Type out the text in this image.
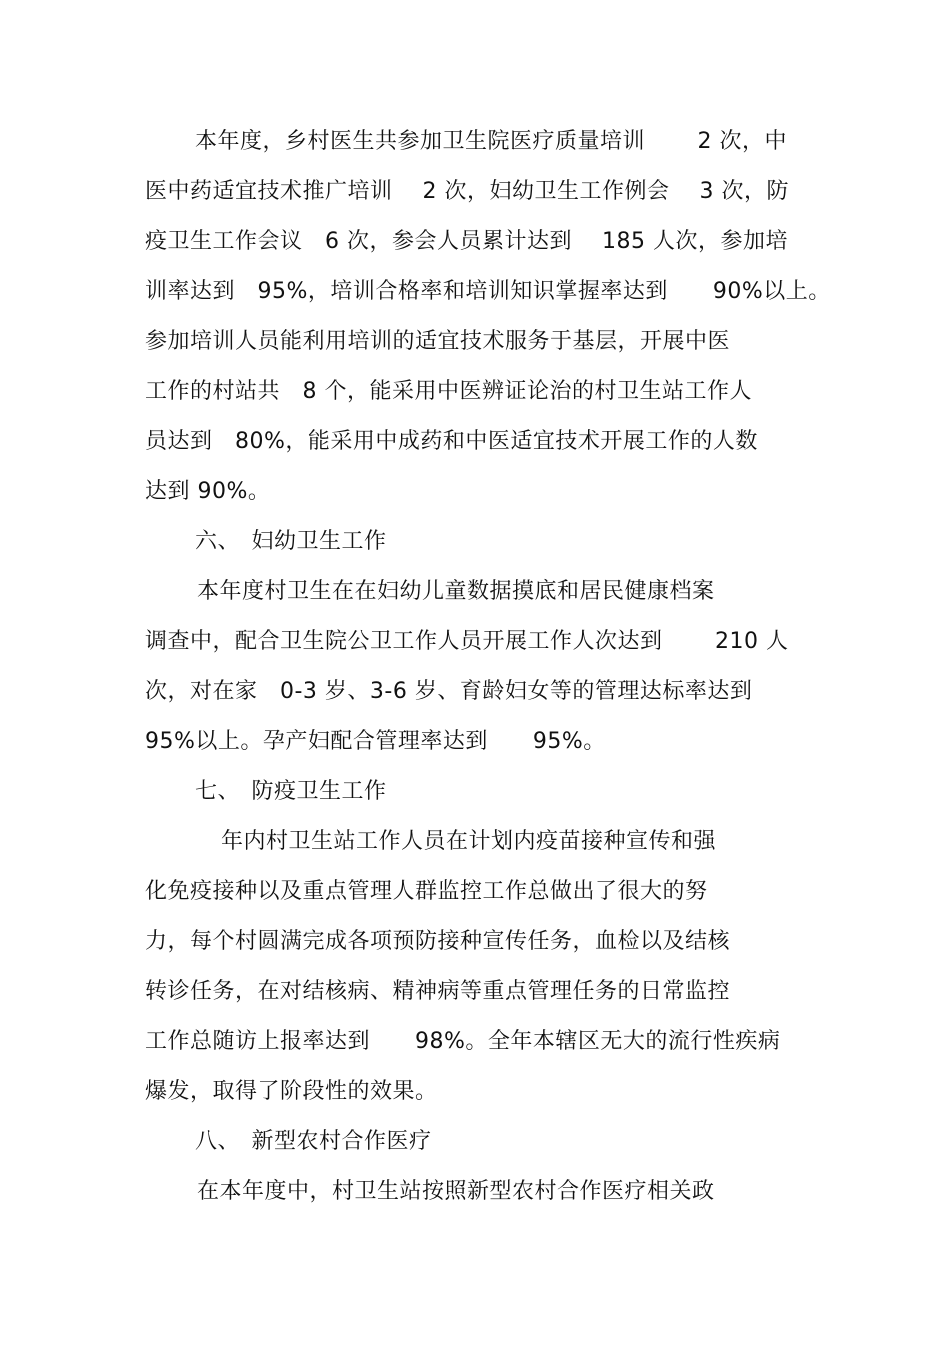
本年度，乡村医生共参加卫生院医疗质量培训　　 2 次，中
医中药适宜技术推广培训　 2 次，妇幼卫生工作例会　 3 次，防
疫卫生工作会议　6 次，参会人员累计达到　 185 人次，参加培
训率达到　95%，培训合格率和培训知识掌握率达到　　90%以上。
参加培训人员能利用培训的适宜技术服务于基层，开展中医
工作的村站共　8 个，能采用中医辨证论治的村卫生站工作人
员达到　80%，能采用中成药和中医适宜技术开展工作的人数
达到 90%。
六、　妇幼卫生工作
本年度村卫生在在妇幼儿童数据摸底和居民健康档案
调查中，配合卫生院公卫工作人员开展工作人次达到　　 210 人
次，对在家　0-3 岁、3-6 岁、育龄妇女等的管理达标率达到
95%以上。孕产妇配合管理率达到　　95%。
七、　防疫卫生工作
年内村卫生站工作人员在计划内疫苗接种宣传和强
化免疫接种以及重点管理人群监控工作总做出了很大的努
力，每个村圆满完成各项预防接种宣传任务，血检以及结核
转诊任务，在对结核病、精神病等重点管理任务的日常监控
工作总随访上报率达到　　98%。全年本辖区无大的流行性疾病
爆发，取得了阶段性的效果。
八、　新型农村合作医疗
在本年度中，村卫生站按照新型农村合作医疗相关政
